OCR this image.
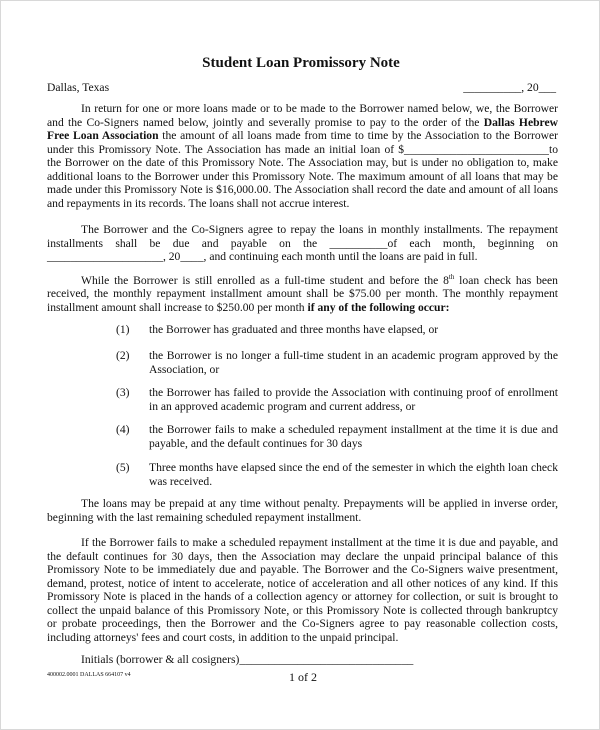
Student Loan Promissory Note
Dallas, Texas	__________, 20___
In return for one or more loans made or to be made to the Borrower named below, we, the Borrower and the Co-Signers named below, jointly and severally promise to pay to the order of the Dallas Hebrew Free Loan Association the amount of all loans made from time to time by the Association to the Borrower under this Promissory Note. The Association has made an initial loan of $_________________________to the Borrower on the date of this Promissory Note. The Association may, but is under no obligation to, make additional loans to the Borrower under this Promissory Note. The maximum amount of all loans that may be made under this Promissory Note is $16,000.00. The Association shall record the date and amount of all loans and repayments in its records. The loans shall not accrue interest.
The Borrower and the Co-Signers agree to repay the loans in monthly installments. The repayment installments shall be due and payable on the __________of each month, beginning on ____________________, 20____, and continuing each month until the loans are paid in full.
While the Borrower is still enrolled as a full-time student and before the 8th loan check has been received, the monthly repayment installment amount shall be $75.00 per month. The monthly repayment installment amount shall increase to $250.00 per month if any of the following occur:
(1) the Borrower has graduated and three months have elapsed, or
(2) the Borrower is no longer a full-time student in an academic program approved by the Association, or
(3) the Borrower has failed to provide the Association with continuing proof of enrollment in an approved academic program and current address, or
(4) the Borrower fails to make a scheduled repayment installment at the time it is due and payable, and the default continues for 30 days
(5) Three months have elapsed since the end of the semester in which the eighth loan check was received.
The loans may be prepaid at any time without penalty. Prepayments will be applied in inverse order, beginning with the last remaining scheduled repayment installment.
If the Borrower fails to make a scheduled repayment installment at the time it is due and payable, and the default continues for 30 days, then the Association may declare the unpaid principal balance of this Promissory Note to be immediately due and payable. The Borrower and the Co-Signers waive presentment, demand, protest, notice of intent to accelerate, notice of acceleration and all other notices of any kind. If this Promissory Note is placed in the hands of a collection agency or attorney for collection, or suit is brought to collect the unpaid balance of this Promissory Note, or this Promissory Note is collected through bankruptcy or probate proceedings, then the Borrower and the Co-Signers agree to pay reasonable collection costs, including attorneys' fees and court costs, in addition to the unpaid principal.
Initials (borrower & all cosigners)______________________________
400002.0001 DALLAS 664107 v4	1 of 2
